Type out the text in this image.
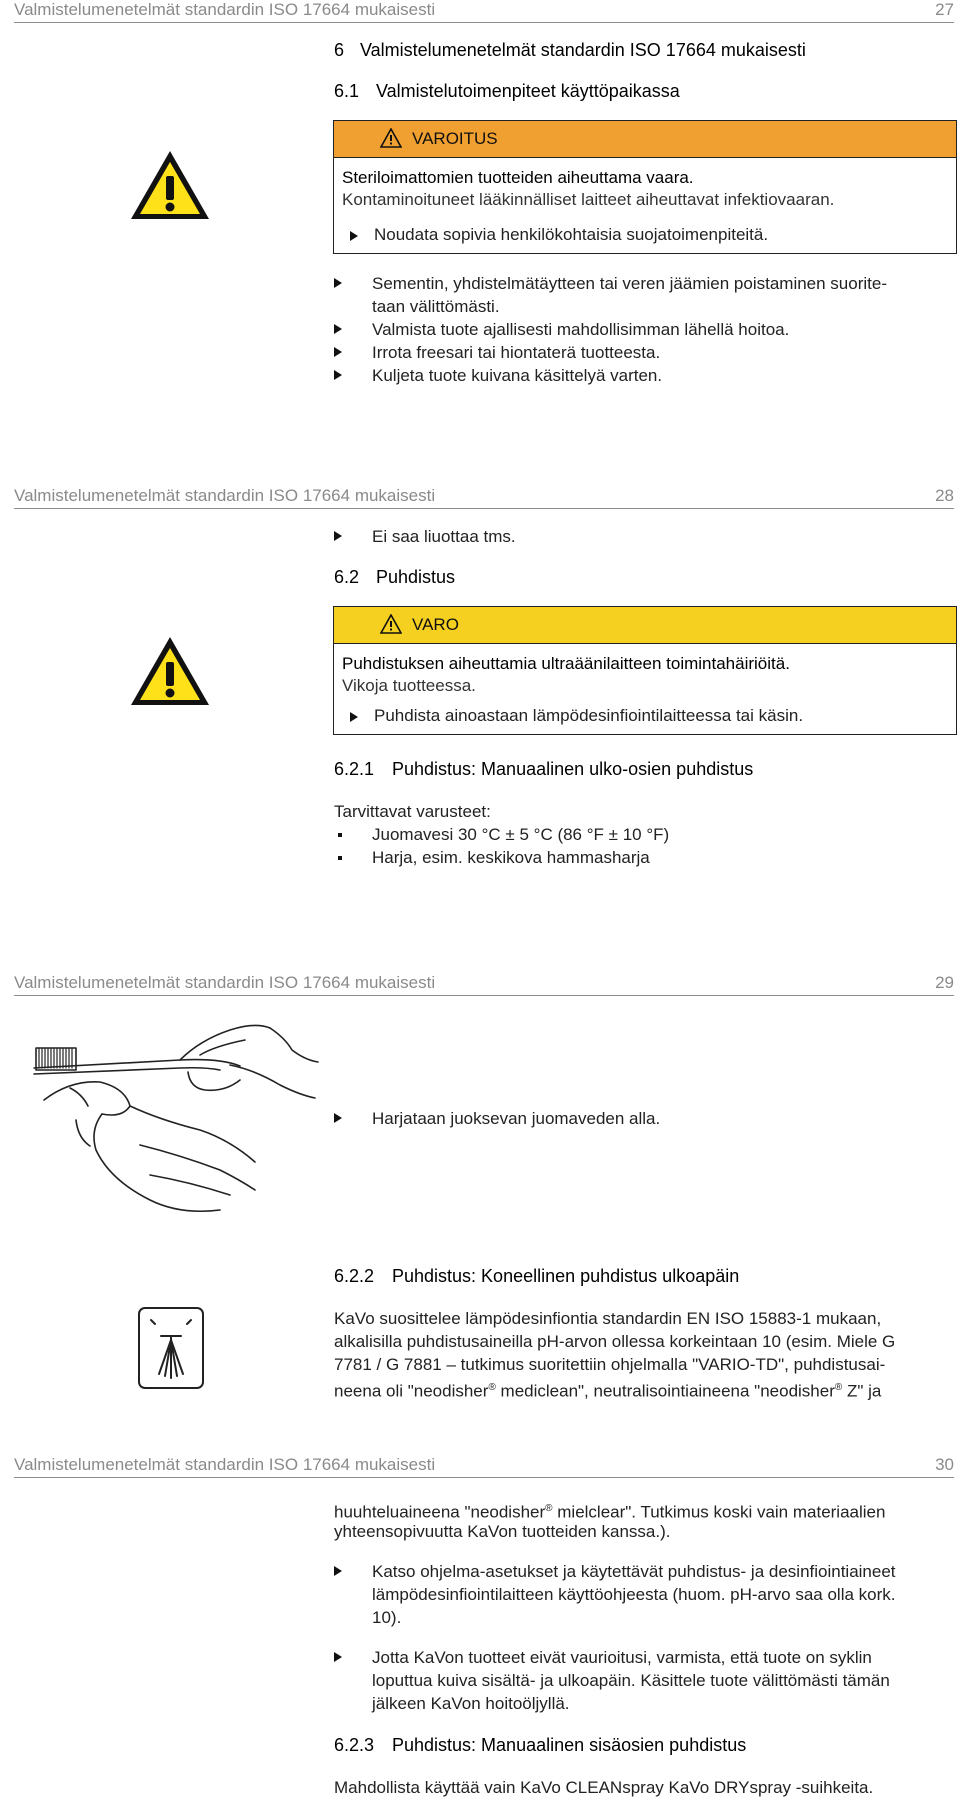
Valmistelumenetelmät standardin ISO 17664 mukaisesti	27
6 Valmistelumenetelmät standardin ISO 17664 mukaisesti
6.1 Valmistelutoimenpiteet käyttöpaikassa
VAROITUS
Steriloimattomien tuotteiden aiheuttama vaara.
Kontaminoituneet lääkinnälliset laitteet aiheuttavat infektiovaaran.
Noudata sopivia henkilökohtaisia suojatoimenpiteitä.
Sementin, yhdistelmätäytteen tai veren jäämien poistaminen suorite-
taan välittömästi.
Valmista tuote ajallisesti mahdollisimman lähellä hoitoa.
Irrota freesari tai hiontaterä tuotteesta.
Kuljeta tuote kuivana käsittelyä varten.
Valmistelumenetelmät standardin ISO 17664 mukaisesti	28
Ei saa liuottaa tms.
6.2 Puhdistus
VARO
Puhdistuksen aiheuttamia ultraäänilaitteen toimintahäiriöitä.
Vikoja tuotteessa.
Puhdista ainoastaan lämpödesinfiointilaitteessa tai käsin.
6.2.1 Puhdistus: Manuaalinen ulko-osien puhdistus
Tarvittavat varusteet:
Juomavesi 30 °C ± 5 °C (86 °F ± 10 °F)
Harja, esim. keskikova hammasharja
Valmistelumenetelmät standardin ISO 17664 mukaisesti	29
Harjataan juoksevan juomaveden alla.
6.2.2 Puhdistus: Koneellinen puhdistus ulkoapäin
KaVo suosittelee lämpödesinfiontia standardin EN ISO 15883-1 mukaan,
alkalisilla puhdistusaineilla pH-arvon ollessa korkeintaan 10 (esim. Miele G
7781 / G 7881 – tutkimus suoritettiin ohjelmalla "VARIO-TD", puhdistusai-
neena oli "neodisher® mediclean", neutralisointiaineena "neodisher® Z" ja
Valmistelumenetelmät standardin ISO 17664 mukaisesti	30
huuhteluaineena "neodisher® mielclear". Tutkimus koski vain materiaalien
yhteensopivuutta KaVon tuotteiden kanssa.).
Katso ohjelma-asetukset ja käytettävät puhdistus- ja desinfiointiaineet
lämpödesinfiointilaitteen käyttöohjeesta (huom. pH-arvo saa olla kork.
10).
Jotta KaVon tuotteet eivät vaurioitusi, varmista, että tuote on syklin
loputtua kuiva sisältä- ja ulkoapäin. Käsittele tuote välittömästi tämän
jälkeen KaVon hoitoöljyllä.
6.2.3 Puhdistus: Manuaalinen sisäosien puhdistus
Mahdollista käyttää vain KaVo CLEANspray KaVo DRYspray -suihkeita.
